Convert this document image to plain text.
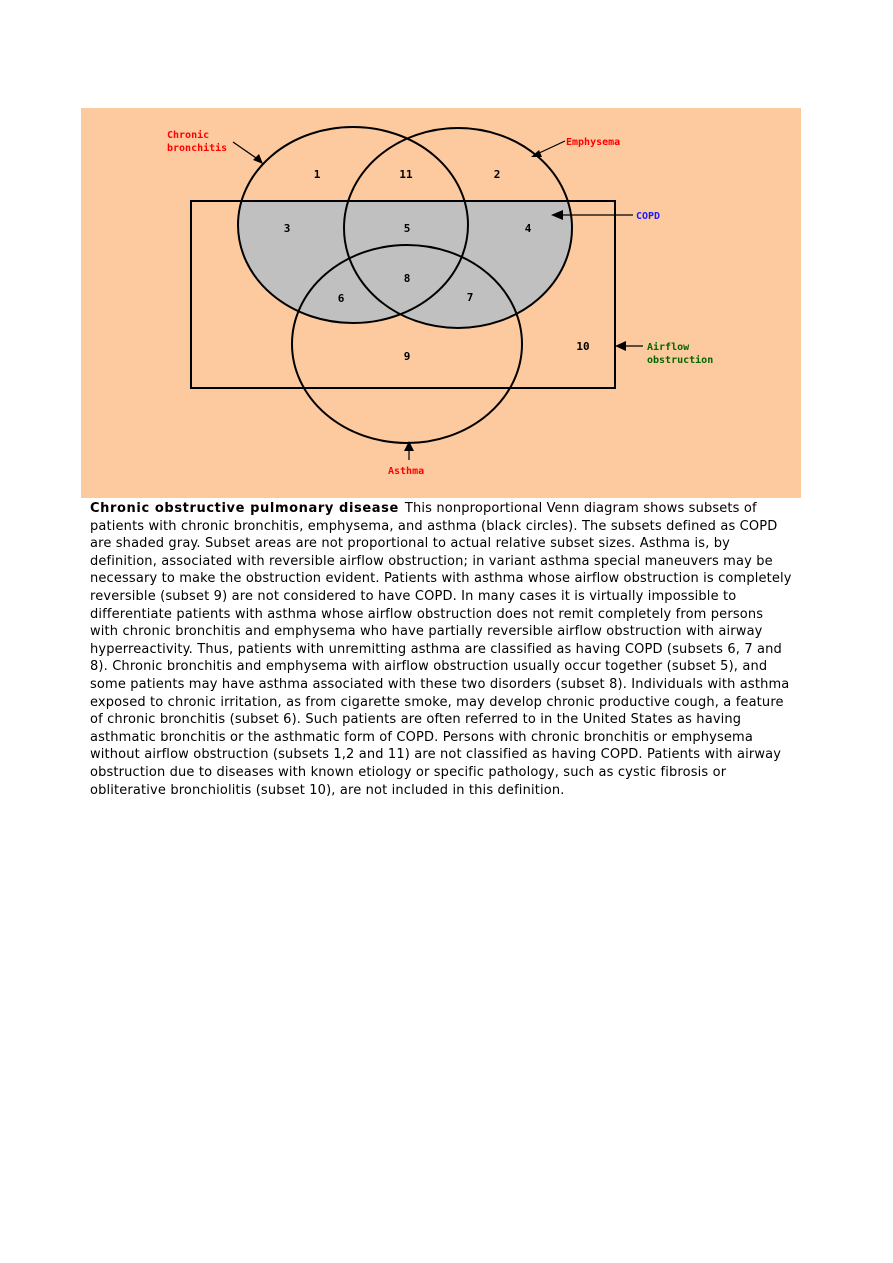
Chronic
bronchitis
Emphysema
COPD
Airflow
obstruction
Asthma
1	11	2
3	5	4
8
6	7
9
10
Chronic obstructive pulmonary disease This nonproportional Venn diagram shows subsets of patients with chronic bronchitis, emphysema, and asthma (black circles). The subsets defined as COPD are shaded gray. Subset areas are not proportional to actual relative subset sizes. Asthma is, by definition, associated with reversible airflow obstruction; in variant asthma special maneuvers may be necessary to make the obstruction evident. Patients with asthma whose airflow obstruction is completely reversible (subset 9) are not considered to have COPD. In many cases it is virtually impossible to differentiate patients with asthma whose airflow obstruction does not remit completely from persons with chronic bronchitis and emphysema who have partially reversible airflow obstruction with airway hyperreactivity. Thus, patients with unremitting asthma are classified as having COPD (subsets 6, 7 and 8). Chronic bronchitis and emphysema with airflow obstruction usually occur together (subset 5), and some patients may have asthma associated with these two disorders (subset 8). Individuals with asthma exposed to chronic irritation, as from cigarette smoke, may develop chronic productive cough, a feature of chronic bronchitis (subset 6). Such patients are often referred to in the United States as having asthmatic bronchitis or the asthmatic form of COPD. Persons with chronic bronchitis or emphysema without airflow obstruction (subsets 1,2 and 11) are not classified as having COPD. Patients with airway obstruction due to diseases with known etiology or specific pathology, such as cystic fibrosis or obliterative bronchiolitis (subset 10), are not included in this definition.
